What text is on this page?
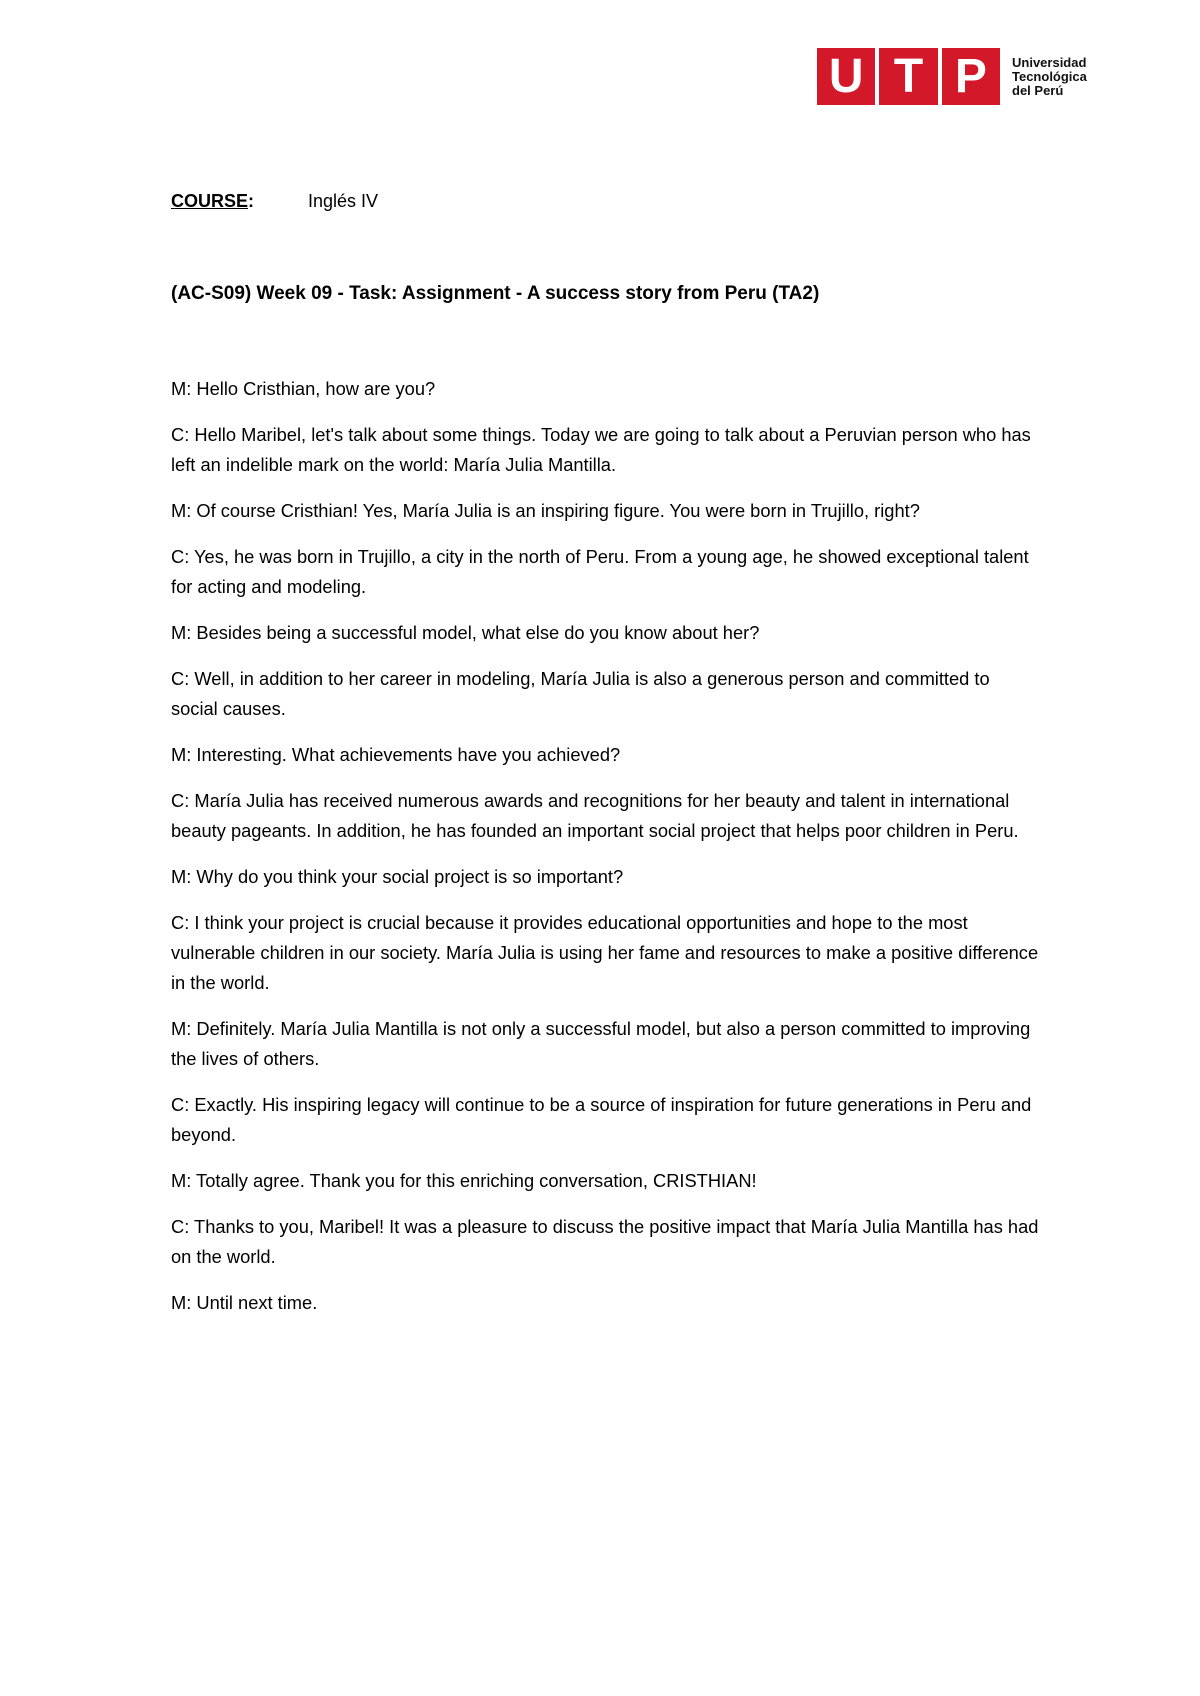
U T P	Universidad
Tecnológica
del Perú
COURSE :	Inglés IV
(AC-S09) Week 09 - Task: Assignment - A success story from Peru (TA2)

M: Hello Cristhian, how are you?

C: Hello Maribel, let's talk about some things. Today we are going to talk about a Peruvian person who has left an indelible mark on the world: María Julia Mantilla.

M: Of course Cristhian! Yes, María Julia is an inspiring figure. You were born in Trujillo, right?

C: Yes, he was born in Trujillo, a city in the north of Peru. From a young age, he showed exceptional talent for acting and modeling.

M: Besides being a successful model, what else do you know about her?

C: Well, in addition to her career in modeling, María Julia is also a generous person and committed to social causes.

M: Interesting. What achievements have you achieved?

C: María Julia has received numerous awards and recognitions for her beauty and talent in international beauty pageants. In addition, he has founded an important social project that helps poor children in Peru.

M: Why do you think your social project is so important?

C: I think your project is crucial because it provides educational opportunities and hope to the most vulnerable children in our society. María Julia is using her fame and resources to make a positive difference in the world.

M: Definitely. María Julia Mantilla is not only a successful model, but also a person committed to improving the lives of others.

C: Exactly. His inspiring legacy will continue to be a source of inspiration for future generations in Peru and beyond.

M: Totally agree. Thank you for this enriching conversation, CRISTHIAN!

C: Thanks to you, Maribel! It was a pleasure to discuss the positive impact that María Julia Mantilla has had on the world.

M: Until next time.
